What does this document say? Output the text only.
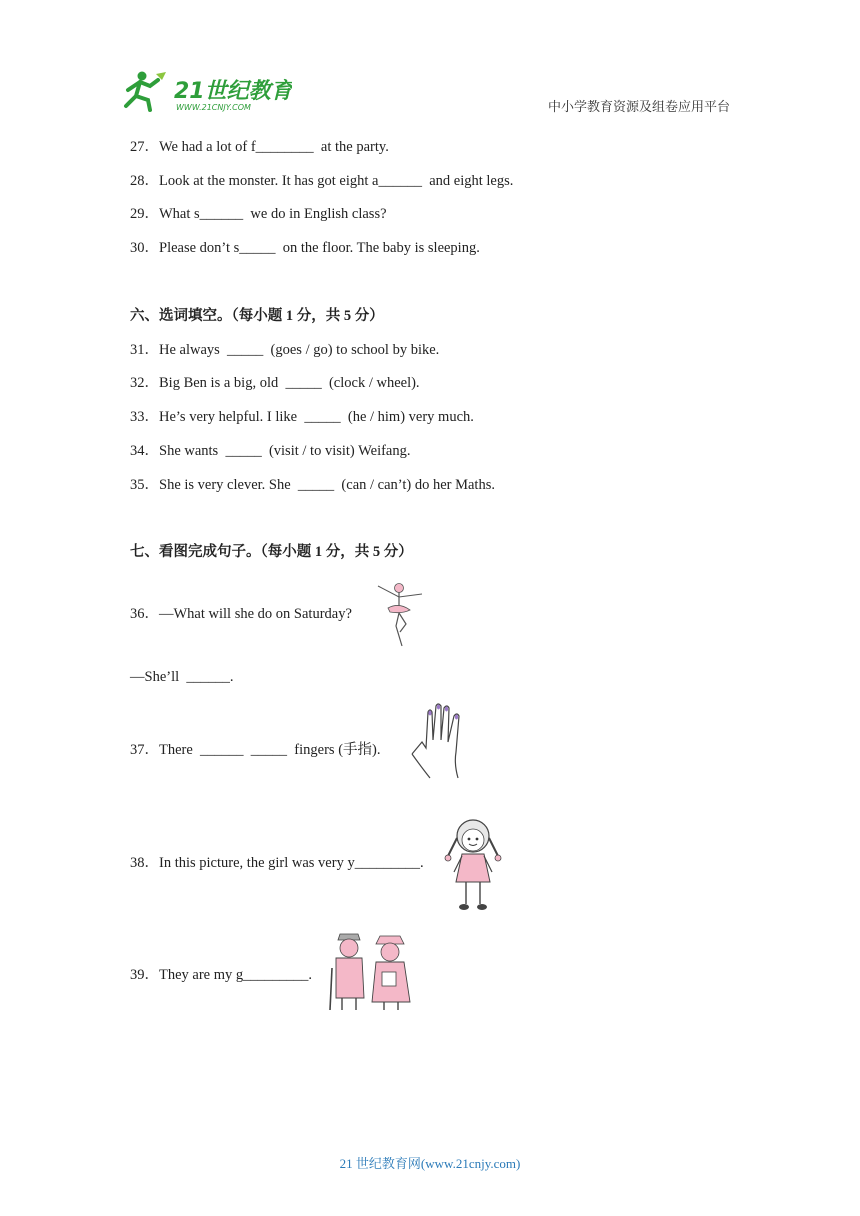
21世纪教育
WWW.21CNJY.COM	中小学教育资源及组卷应用平台
27．We had a lot of f________  at the party.
28．Look at the monster. It has got eight a______  and eight legs.
29．What s______  we do in English class?
30．Please don’t s_____  on the floor. The baby is sleeping.
六、选词填空。（每小题 1 分，共 5 分）
31．He always  _____  (goes / go) to school by bike.
32．Big Ben is a big, old  _____  (clock / wheel).
33．He’s very helpful. I like  _____  (he / him) very much.
34．She wants  _____  (visit / to visit) Weifang.
35．She is very clever. She  _____  (can / can’t) do her Maths.
七、看图完成句子。（每小题 1 分，共 5 分）
36．—What will she do on Saturday?
—She’ll  ______.
37．There  ______  _____  fingers (手指).
38．In this picture, the girl was very y_________.
39．They are my g_________.
21 世纪教育网(www.21cnjy.com)
